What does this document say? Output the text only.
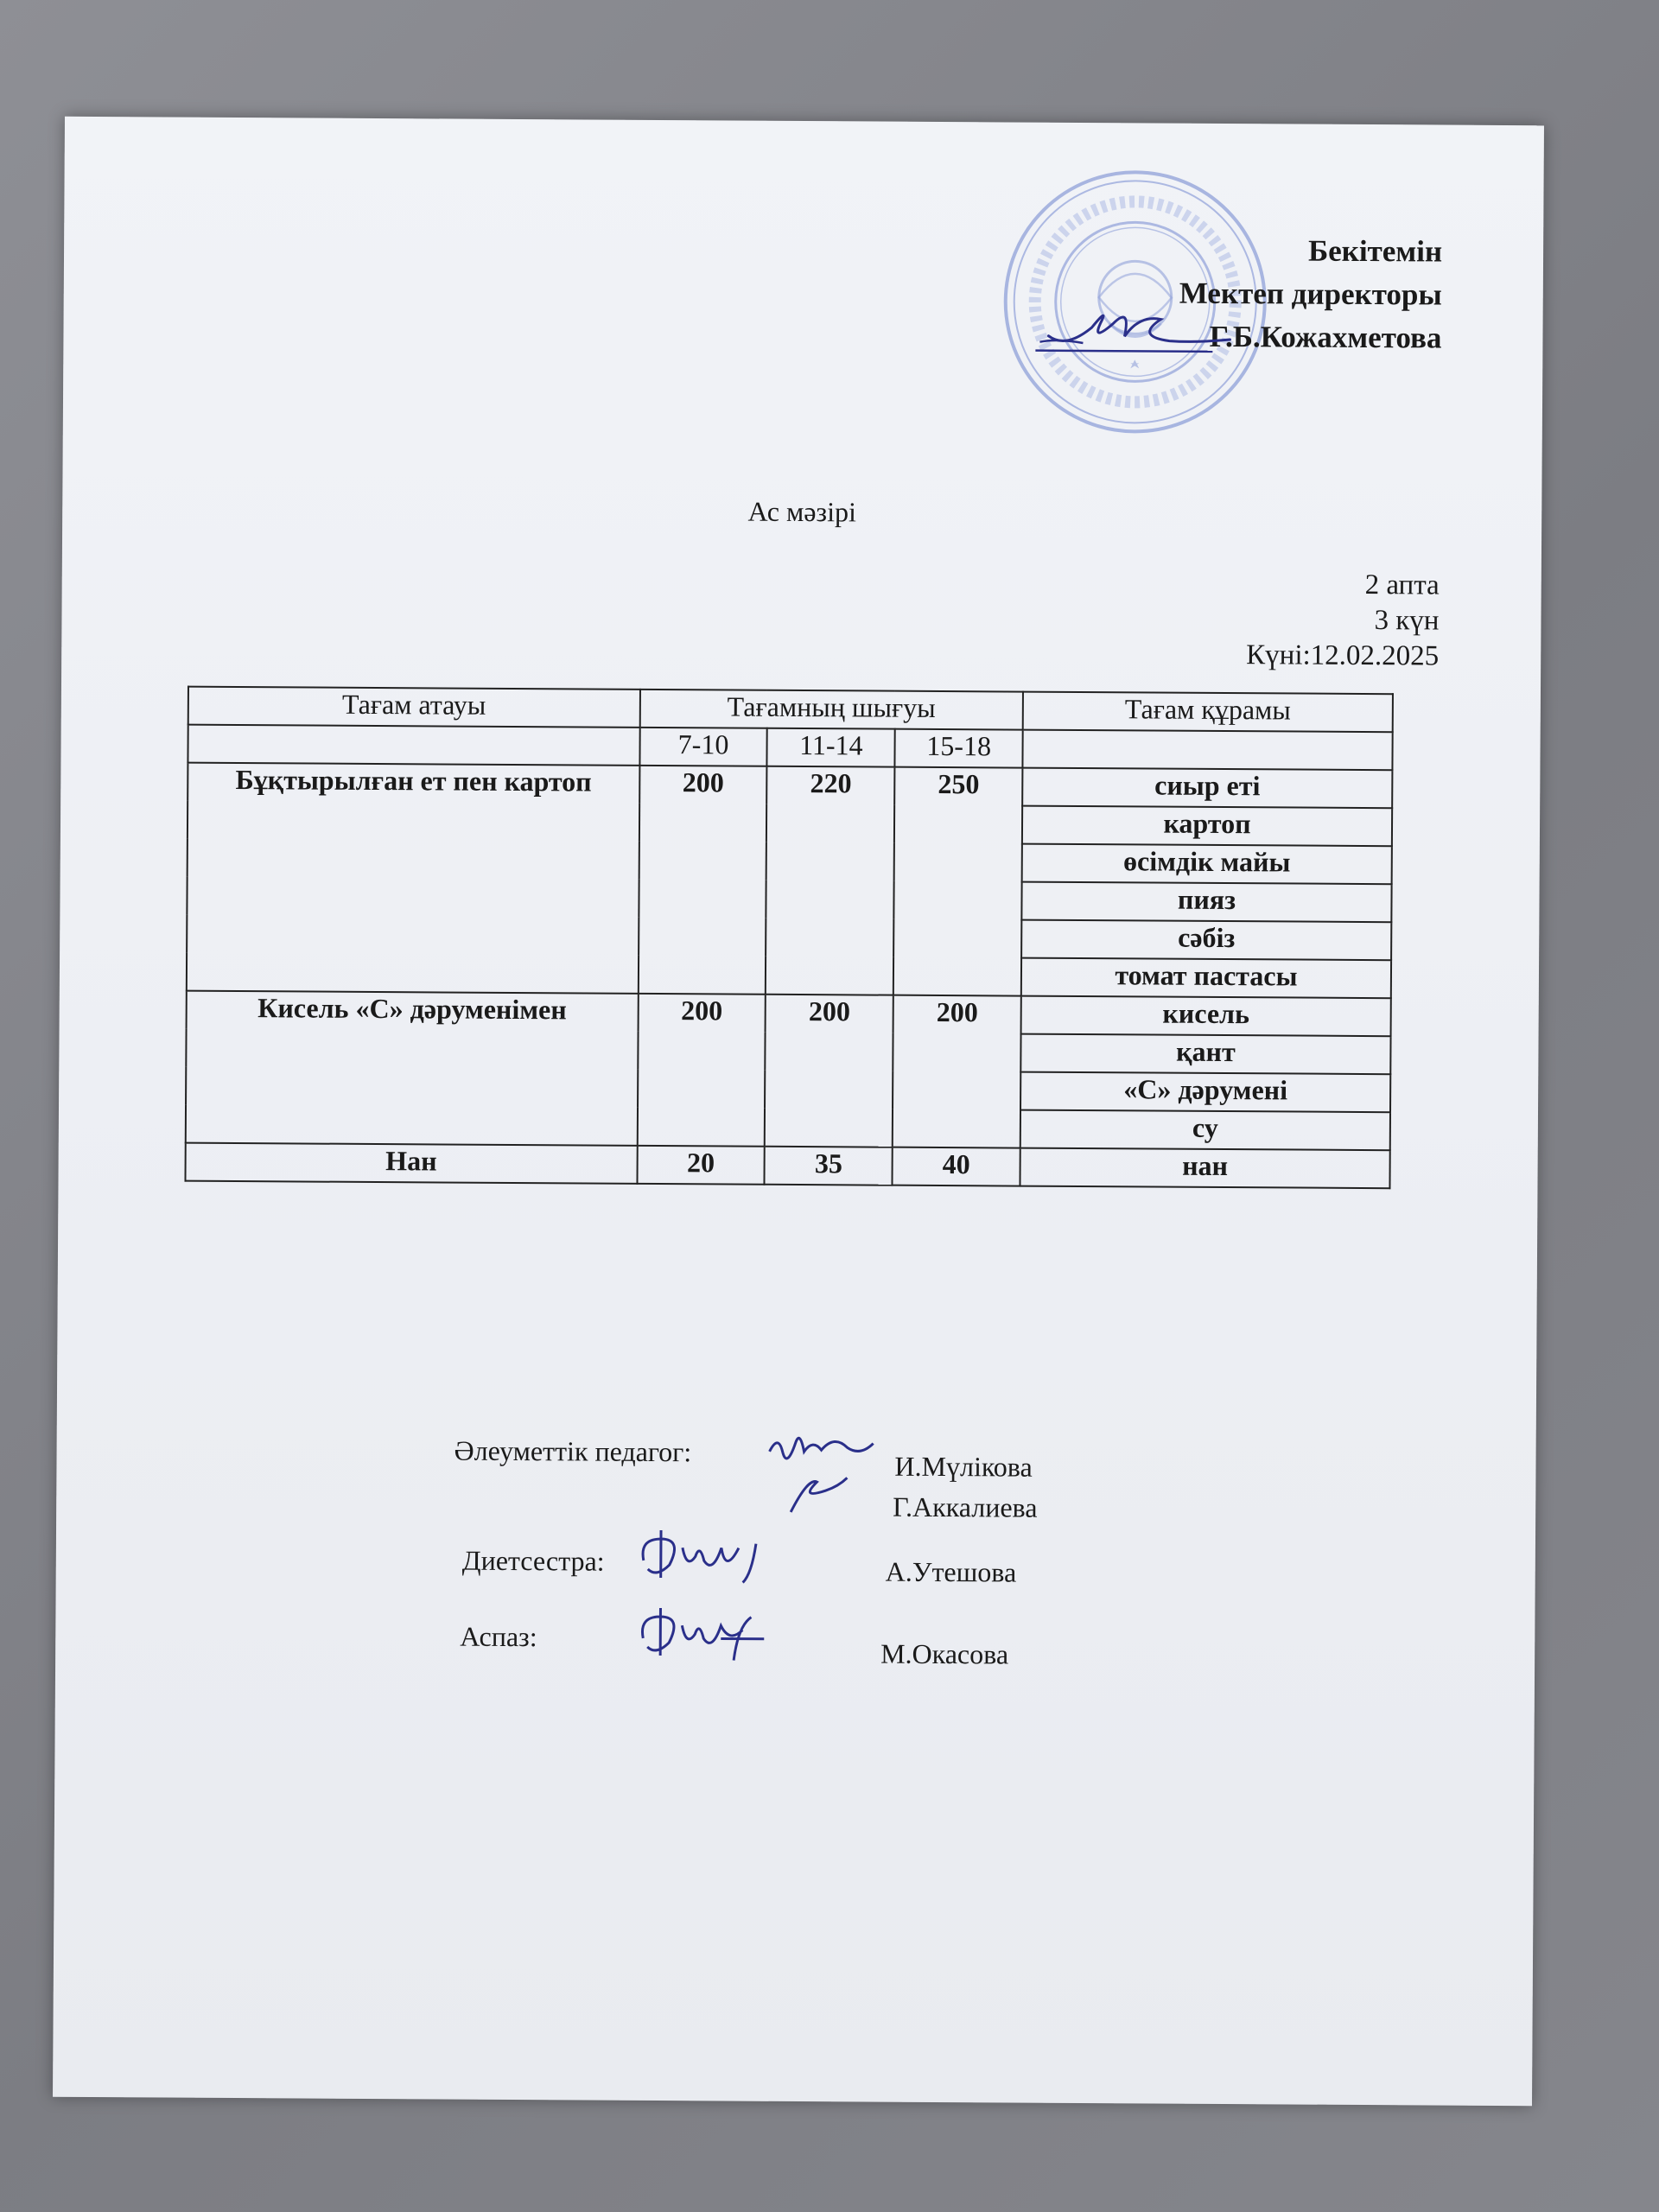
Бекітемін
Мектеп директоры
Г.Б.Кожахметова
Ас мәзірі
2 апта
3 күн
Күні:12.02.2025
Тағам атауы	Тағамның шығуы			Тағам құрамы
	7-10	11-14	15-18	
Бұқтырылған ет пен картоп	200	220	250	сиыр еті
				картоп
				өсімдік майы
				пияз
				сәбіз
				томат пастасы
Кисель «С» дәруменімен	200	200	200	кисель
				қант
				«С» дәрумені
				су
Нан	20	35	40	нан
Әлеуметтік педагог:	И.Мүлікова
Г.Аккалиева
Диетсестра:	А.Утешова
Аспаз:
М.Окасова
